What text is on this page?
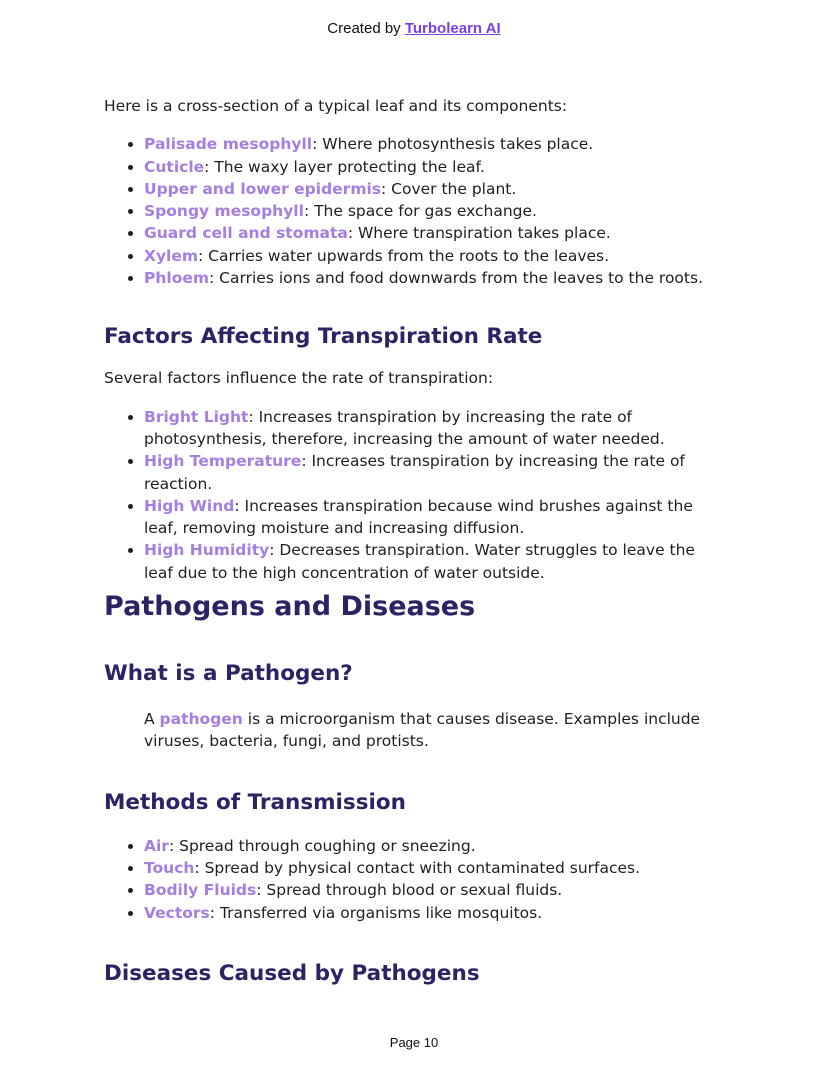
Created by Turbolearn AI

Here is a cross-section of a typical leaf and its components:

• Palisade mesophyll: Where photosynthesis takes place.
• Cuticle: The waxy layer protecting the leaf.
• Upper and lower epidermis: Cover the plant.
• Spongy mesophyll: The space for gas exchange.
• Guard cell and stomata: Where transpiration takes place.
• Xylem: Carries water upwards from the roots to the leaves.
• Phloem: Carries ions and food downwards from the leaves to the roots.
Factors Affecting Transpiration Rate

Several factors influence the rate of transpiration:

• Bright Light: Increases transpiration by increasing the rate of photosynthesis, therefore, increasing the amount of water needed.
• High Temperature: Increases transpiration by increasing the rate of reaction.
• High Wind: Increases transpiration because wind brushes against the leaf, removing moisture and increasing diffusion.
• High Humidity: Decreases transpiration. Water struggles to leave the leaf due to the high concentration of water outside.
Pathogens and Diseases
What is a Pathogen?

A pathogen is a microorganism that causes disease. Examples include viruses, bacteria, fungi, and protists.

Methods of Transmission
• Air: Spread through coughing or sneezing.
• Touch: Spread by physical contact with contaminated surfaces.
• Bodily Fluids: Spread through blood or sexual fluids.
• Vectors: Transferred via organisms like mosquitos.
Diseases Caused by Pathogens
Page 10
